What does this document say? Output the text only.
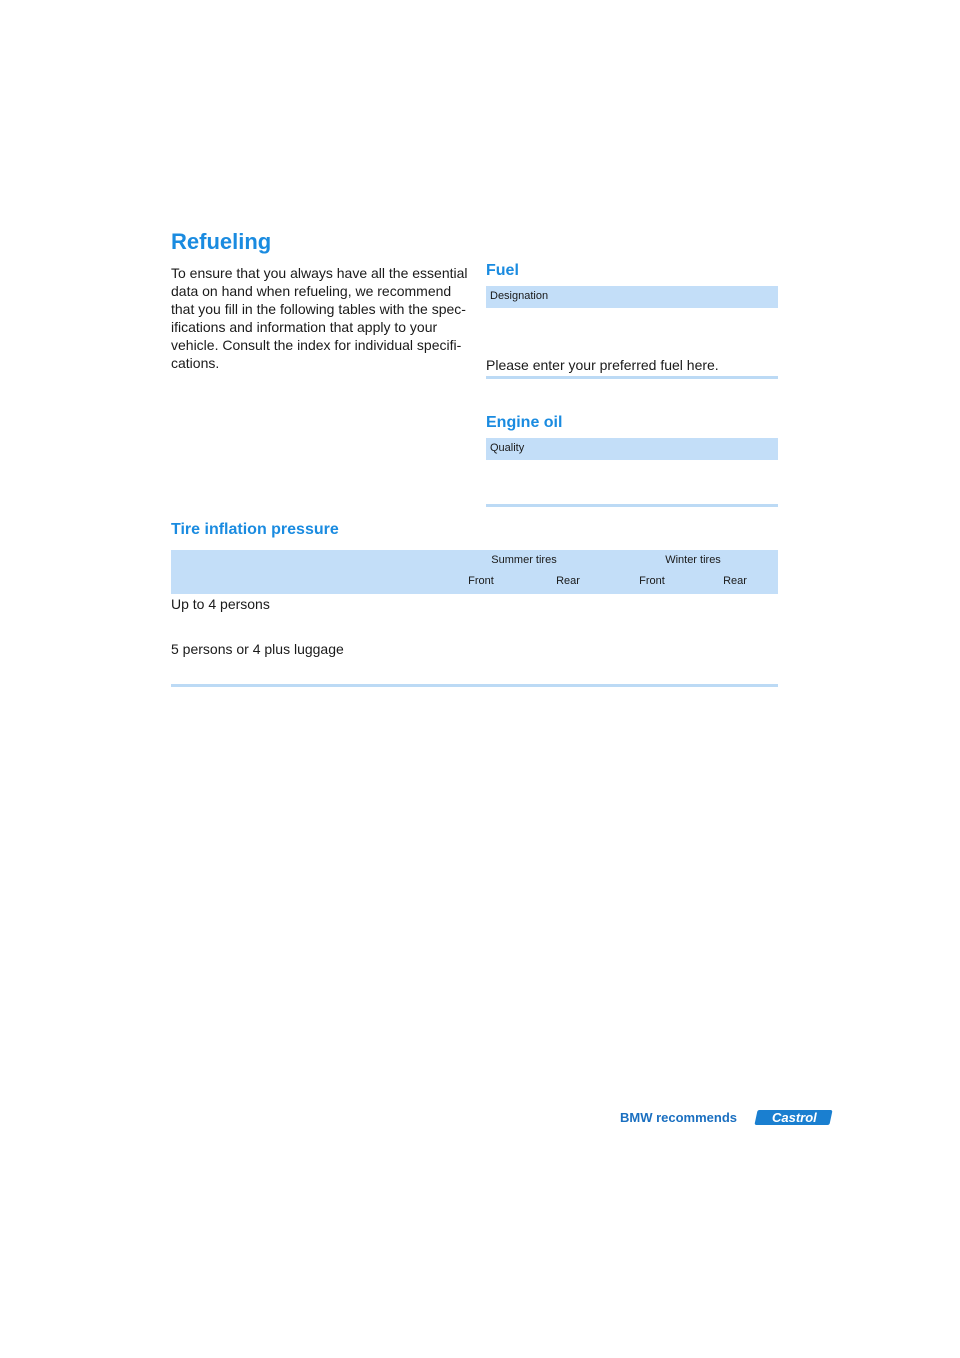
Refueling
To ensure that you always have all the essential
data on hand when refueling, we recommend
that you fill in the following tables with the spec-
ifications and information that apply to your
vehicle. Consult the index for individual specifi-
cations.
Fuel
Designation
Please enter your preferred fuel here.
Engine oil
Quality
Tire inflation pressure
Summer tires	Winter tires
Front	Rear	Front	Rear
Up to 4 persons
5 persons or 4 plus luggage
BMW recommends	Castrol
